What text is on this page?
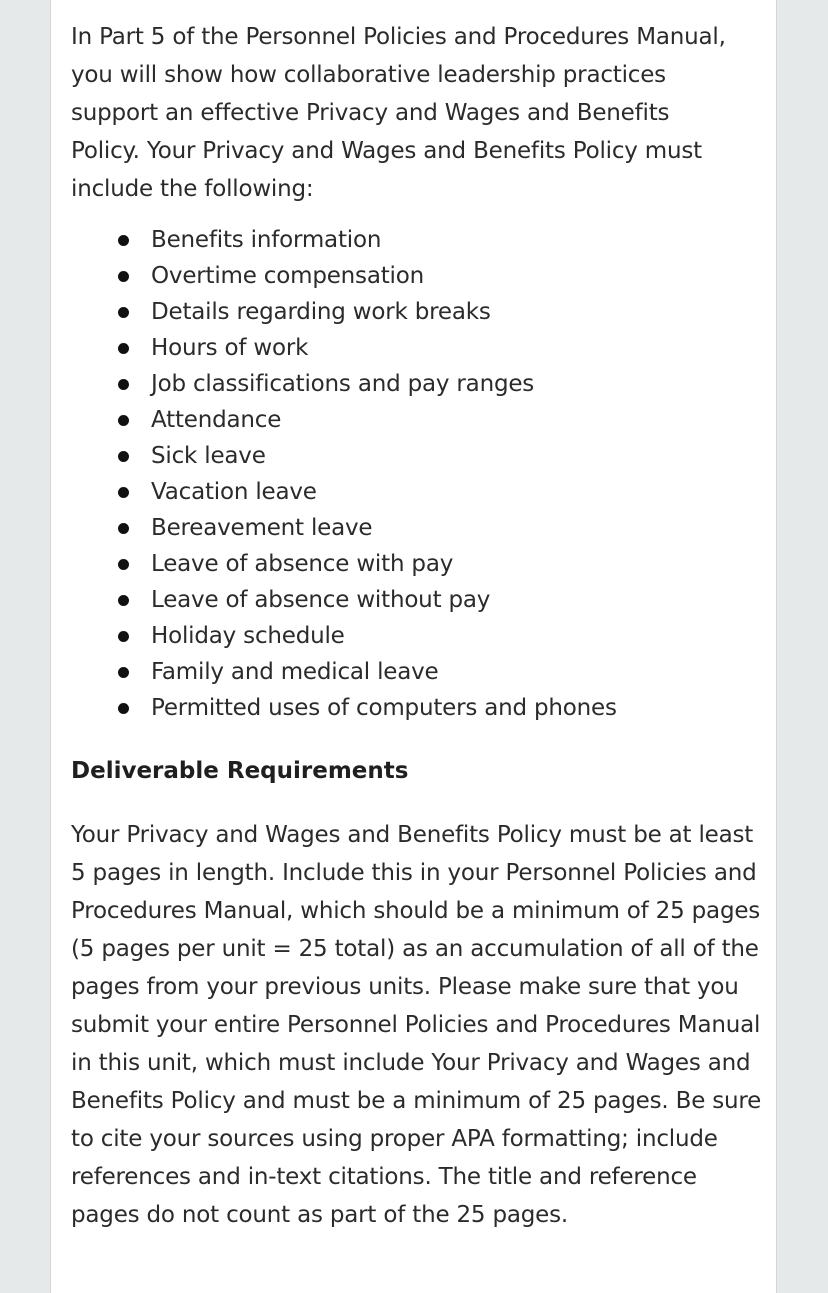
In Part 5 of the Personnel Policies and Procedures Manual, you will show how collaborative leadership practices support an effective Privacy and Wages and Benefits Policy. Your Privacy and Wages and Benefits Policy must include the following:

Benefits information
Overtime compensation
Details regarding work breaks
Hours of work
Job classifications and pay ranges
Attendance
Sick leave
Vacation leave
Bereavement leave
Leave of absence with pay
Leave of absence without pay
Holiday schedule
Family and medical leave
Permitted uses of computers and phones
Deliverable Requirements

Your Privacy and Wages and Benefits Policy must be at least 5 pages in length. Include this in your Personnel Policies and Procedures Manual, which should be a minimum of 25 pages (5 pages per unit = 25 total) as an accumulation of all of the pages from your previous units. Please make sure that you submit your entire Personnel Policies and Procedures Manual in this unit, which must include Your Privacy and Wages and Benefits Policy and must be a minimum of 25 pages. Be sure to cite your sources using proper APA formatting; include references and in-text citations. The title and reference pages do not count as part of the 25 pages.
